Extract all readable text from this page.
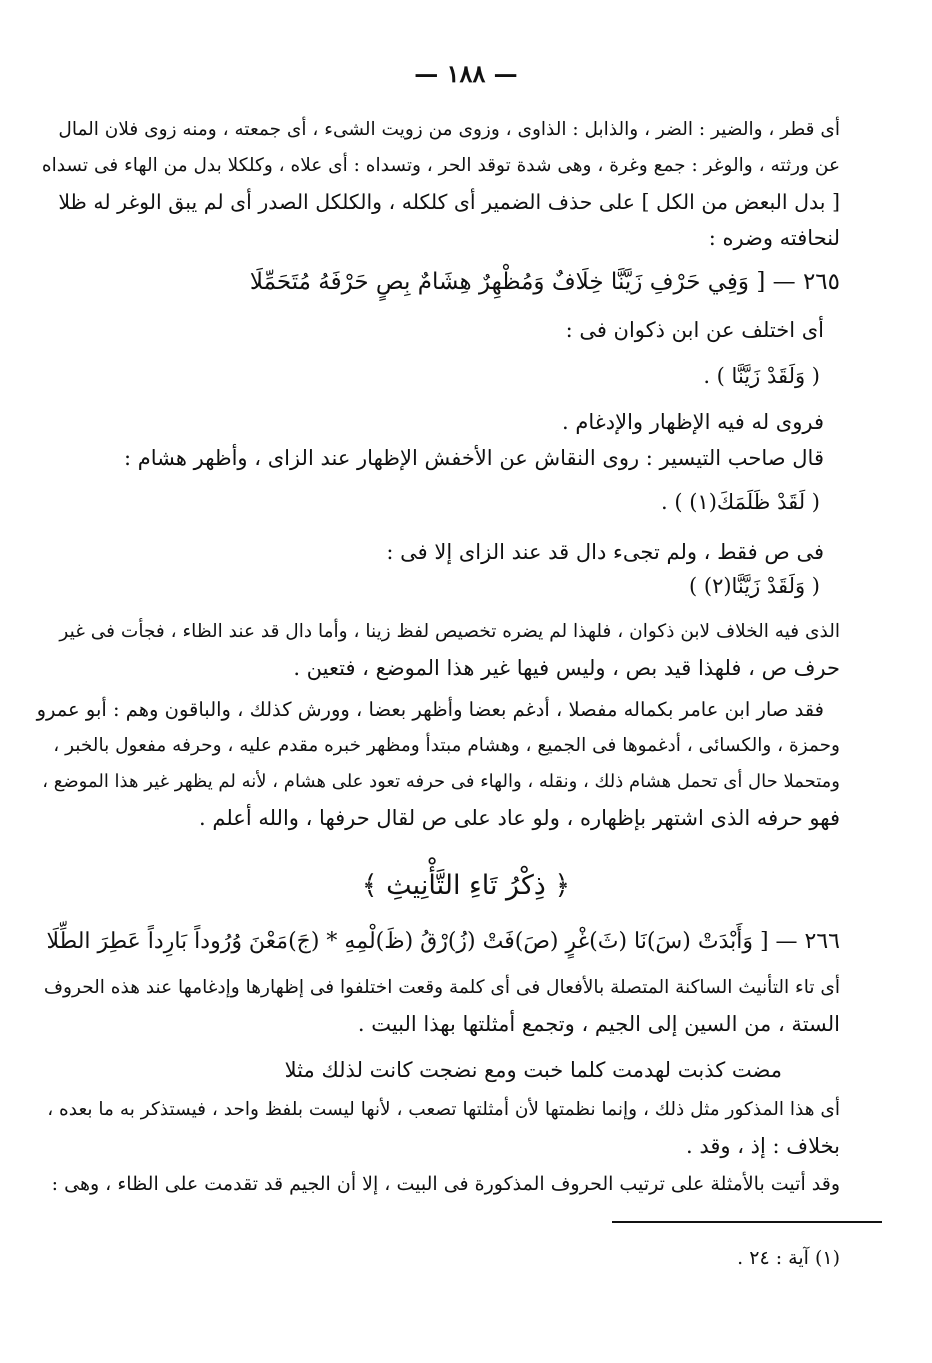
— ١٨٨ —
أى قطر ، والضير : الضر ، والذابل : الذاوى ، وزوى من زويت الشىء ، أى جمعته ، ومنه زوى فلان المال
عن ورثته ، والوغر : جمع وغرة ، وهى شدة توقد الحر ، وتسداه : أى علاه ، وكلكلا بدل من الهاء فى تسداه
[ بدل البعض من الكل ] على حذف الضمير أى كلكله ، والكلكل الصدر أى لم يبق الوغر له ظلا
لنحافته وضره :
٢٦٥ — [ وَفِي حَرْفِ زَيَّنَّا خِلَافٌ وَمُظْهِرٌ هِشَامٌ بِصٍ حَرْفَهُ مُتَحَمِّلَا
أى اختلف عن ابن ذكوان فى :
( وَلَقَدْ زَيَّنَّا ) .
فروى له فيه الإظهار والإدغام .
قال صاحب التيسير : روى النقاش عن الأخفش الإظهار عند الزاى ، وأظهر هشام :
( لَقَدْ ظَلَمَكَ(١) ) .
فى ص فقط ، ولم تجىء دال قد عند الزاى إلا فى :
( وَلَقَدْ زَيَّنَّا(٢) )
الذى فيه الخلاف لابن ذكوان ، فلهذا لم يضره تخصيص لفظ زينا ، وأما دال قد عند الظاء ، فجأت فى غير
حرف ص ، فلهذا قيد بص ، وليس فيها غير هذا الموضع ، فتعين .
فقد صار ابن عامر بكماله مفصلا ، أدغم بعضا وأظهر بعضا ، وورش كذلك ، والباقون وهم : أبو عمرو
وحمزة ، والكسائى ، أدغموها فى الجميع ، وهشام مبتدأ ومظهر خبره مقدم عليه ، وحرفه مفعول بالخبر ،
ومتحملا حال أى تحمل هشام ذلك ، ونقله ، والهاء فى حرفه تعود على هشام ، لأنه لم يظهر غير هذا الموضع ،
فهو حرفه الذى اشتهر بإظهاره ، ولو عاد على ص لقال حرفها ، والله أعلم .
﴿ ذِكْرُ تَاءِ التَّأْنِيثِ ﴾
٢٦٦ — [ وَأَبْدَتْ (سَ)نَا (ثَ)غْرٍ (صَ)فَتْ (زُ)رْقُ (ظَ)لْمِهِ * (جَ)مَعْنَ وُرُوداً بَارِداً عَطِرَ الطِّلَا
أى تاء التأنيث الساكنة المتصلة بالأفعال فى أى كلمة وقعت اختلفوا فى إظهارها وإدغامها عند هذه الحروف
الستة ، من السين إلى الجيم ، وتجمع أمثلتها بهذا البيت .
مضت كذبت لهدمت كلما خبت ومع نضجت كانت لذلك مثلا
أى هذا المذكور مثل ذلك ، وإنما نظمتها لأن أمثلتها تصعب ، لأنها ليست بلفظ واحد ، فيستذكر به ما بعده ،
بخلاف : إذ ، وقد .
وقد أتيت بالأمثلة على ترتيب الحروف المذكورة فى البيت ، إلا أن الجيم قد تقدمت على الظاء ، وهى :
(١) آية : ٢٤ .
